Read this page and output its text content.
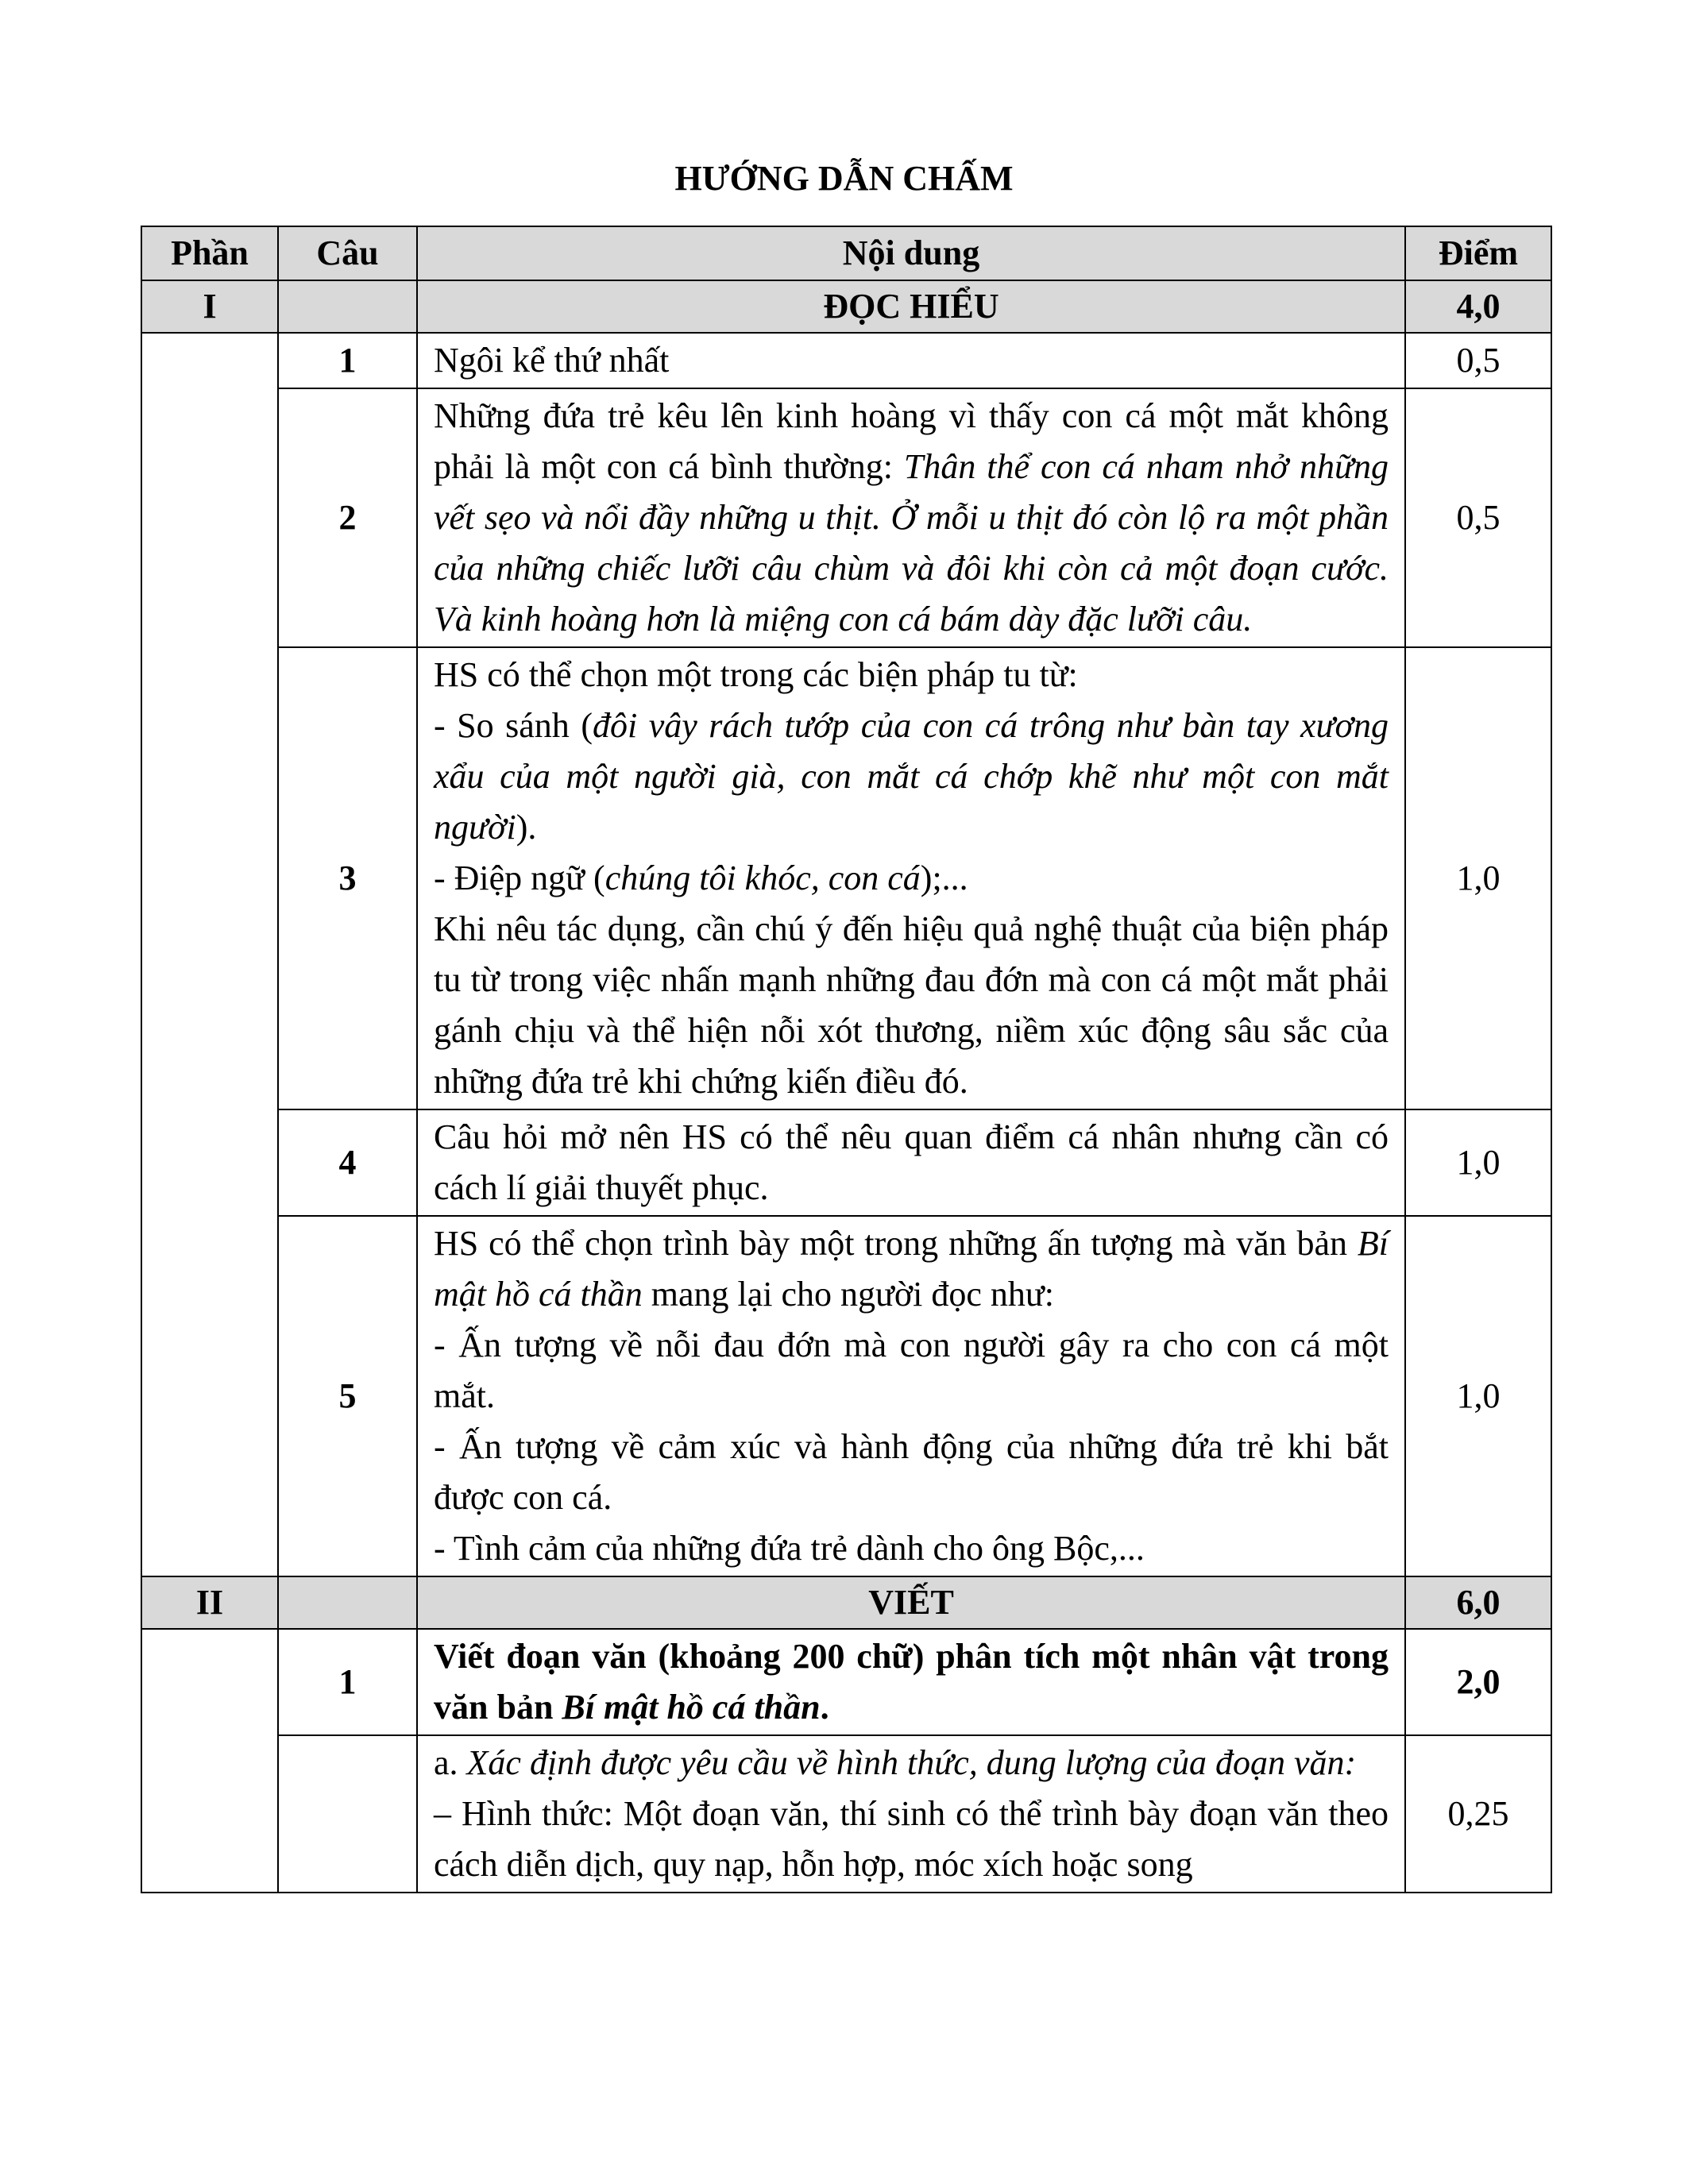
HƯỚNG DẪN CHẤM
Phần	Câu	Nội dung	Điểm
I		ĐỌC HIỂU	4,0
	1	Ngôi kể thứ nhất	0,5
	2	Những đứa trẻ kêu lên kinh hoàng vì thấy con cá một mắt không phải là một con cá bình thường: Thân thể con cá nham nhở những vết sẹo và nổi đầy những u thịt. Ở mỗi u thịt đó còn lộ ra một phần của những chiếc lưỡi câu chùm và đôi khi còn cả một đoạn cước. Và kinh hoàng hơn là miệng con cá bám dày đặc lưỡi câu.	0,5
	3	HS có thể chọn một trong các biện pháp tu từ:
- So sánh (đôi vây rách tướp của con cá trông như bàn tay xương xẩu của một người già, con mắt cá chớp khẽ như một con mắt người).
- Điệp ngữ (chúng tôi khóc, con cá);...
Khi nêu tác dụng, cần chú ý đến hiệu quả nghệ thuật của biện pháp tu từ trong việc nhấn mạnh những đau đớn mà con cá một mắt phải gánh chịu và thể hiện nỗi xót thương, niềm xúc động sâu sắc của những đứa trẻ khi chứng kiến điều đó.	1,0
	4	Câu hỏi mở nên HS có thể nêu quan điểm cá nhân nhưng cần có cách lí giải thuyết phục.	1,0
	5	HS có thể chọn trình bày một trong những ấn tượng mà văn bản Bí mật hồ cá thần mang lại cho người đọc như:
- Ấn tượng về nỗi đau đớn mà con người gây ra cho con cá một mắt.
- Ấn tượng về cảm xúc và hành động của những đứa trẻ khi bắt được con cá.
- Tình cảm của những đứa trẻ dành cho ông Bộc,...	1,0
II		VIẾT	6,0
	1	Viết đoạn văn (khoảng 200 chữ) phân tích một nhân vật trong văn bản Bí mật hồ cá thần.	2,0

		a. Xác định được yêu cầu về hình thức, dung lượng của đoạn văn:
– Hình thức: Một đoạn văn, thí sinh có thể trình bày đoạn văn theo cách diễn dịch, quy nạp, hỗn hợp, móc xích hoặc song	0,25
